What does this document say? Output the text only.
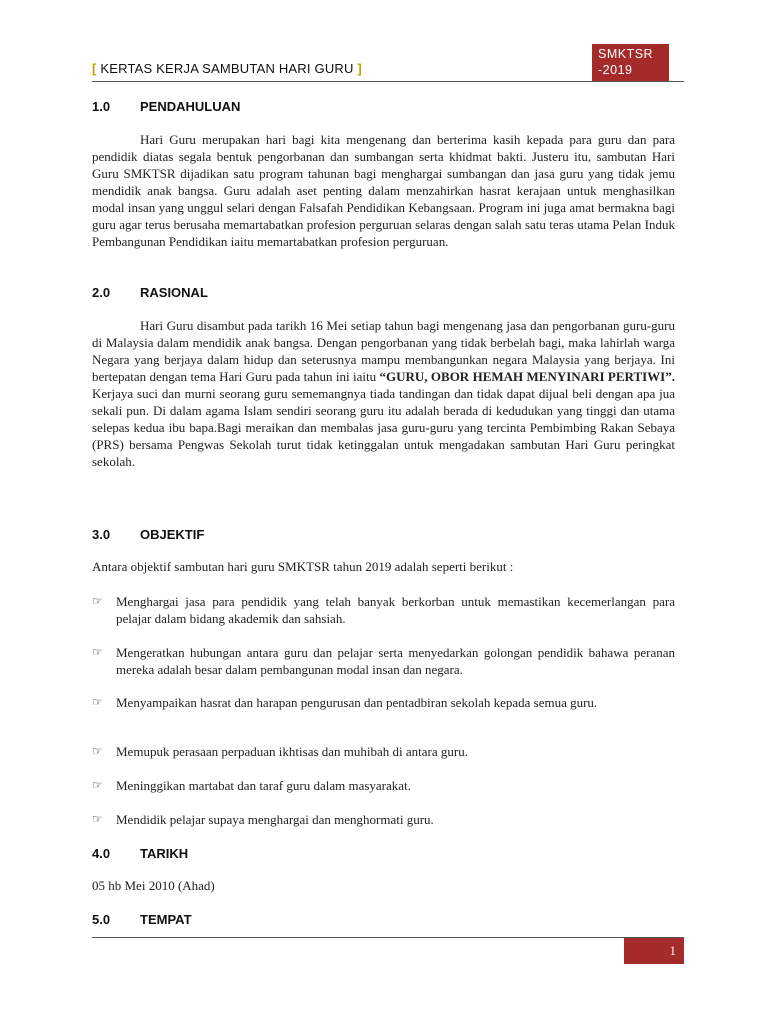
[ KERTAS KERJA SAMBUTAN HARI GURU ]
SMKTSR
-2019
1.0 PENDAHULUAN
Hari Guru merupakan hari bagi kita mengenang dan berterima kasih kepada para guru dan para pendidik diatas segala bentuk pengorbanan dan sumbangan serta khidmat bakti. Justeru itu, sambutan Hari Guru SMKTSR dijadikan satu program tahunan bagi menghargai sumbangan dan jasa guru yang tidak jemu mendidik anak bangsa. Guru adalah aset penting dalam menzahirkan hasrat kerajaan untuk menghasilkan modal insan yang unggul selari dengan Falsafah Pendidikan Kebangsaan. Program ini juga amat bermakna bagi guru agar terus berusaha memartabatkan profesion perguruan selaras dengan salah satu teras utama Pelan Induk Pembangunan Pendidikan iaitu memartabatkan profesion perguruan.
2.0 RASIONAL
Hari Guru disambut pada tarikh 16 Mei setiap tahun bagi mengenang jasa dan pengorbanan guru-guru di Malaysia dalam mendidik anak bangsa. Dengan pengorbanan yang tidak berbelah bagi, maka lahirlah warga Negara yang berjaya dalam hidup dan seterusnya mampu membangunkan negara Malaysia yang berjaya. Ini bertepatan dengan tema Hari Guru pada tahun ini iaitu “GURU, OBOR HEMAH MENYINARI PERTIWI”. Kerjaya suci dan murni seorang guru sememangnya tiada tandingan dan tidak dapat dijual beli dengan apa jua sekali pun. Di dalam agama Islam sendiri seorang guru itu adalah berada di kedudukan yang tinggi dan utama selepas kedua ibu bapa.Bagi meraikan dan membalas jasa guru-guru yang tercinta Pembimbing Rakan Sebaya (PRS) bersama Pengwas Sekolah turut tidak ketinggalan untuk mengadakan sambutan Hari Guru peringkat sekolah.
3.0 OBJEKTIF
Antara objektif sambutan hari guru SMKTSR tahun 2019 adalah seperti berikut :
☞ Menghargai jasa para pendidik yang telah banyak berkorban untuk memastikan kecemerlangan para pelajar dalam bidang akademik dan sahsiah.
☞ Mengeratkan hubungan antara guru dan pelajar serta menyedarkan golongan pendidik bahawa peranan mereka adalah besar dalam pembangunan modal insan dan negara.
☞ Menyampaikan hasrat dan harapan pengurusan dan pentadbiran sekolah kepada semua guru.
☞ Memupuk perasaan perpaduan ikhtisas dan muhibah di antara guru.
☞ Meninggikan martabat dan taraf guru dalam masyarakat.
☞ Mendidik pelajar supaya menghargai dan menghormati guru.
4.0 TARIKH
05 hb Mei 2010 (Ahad)
5.0 TEMPAT
1
